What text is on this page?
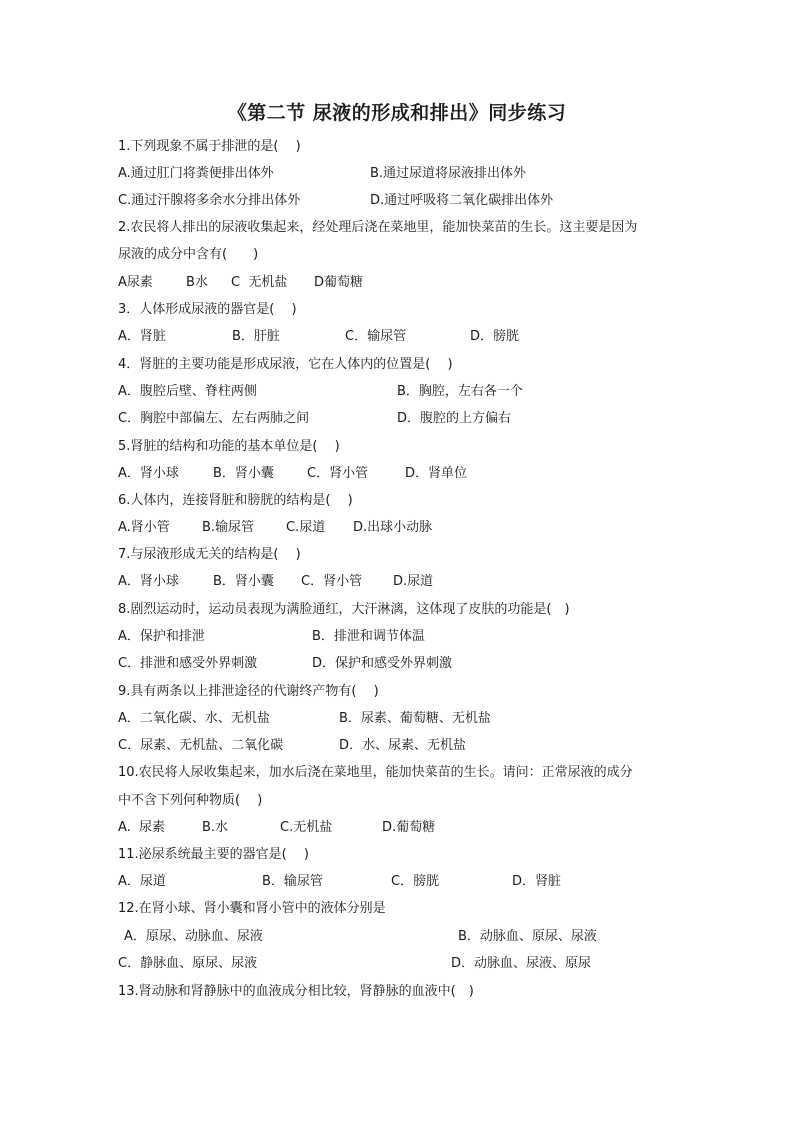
《第二节 尿液的形成和排出》同步练习
1.下列现象不属于排泄的是(　 )
A.通过肛门将粪便排出体外	B.通过尿道将尿液排出体外
C.通过汗腺将多余水分排出体外	D.通过呼吸将二氧化碳排出体外
2.农民将人排出的尿液收集起来，经处理后浇在菜地里，能加快菜苗的生长。这主要是因为
尿液的成分中含有(　　)
A尿素	B水 C  无机盐 D葡萄糖
3．人体形成尿液的器官是(　 )
A．肾脏	B．肝脏	C．输尿管	D．膀胱
4．肾脏的主要功能是形成尿液，它在人体内的位置是(　 )
A．腹腔后壁、脊柱两侧	B．胸腔，左右各一个
C．胸腔中部偏左、左右两肺之间	D．腹腔的上方偏右
5.肾脏的结构和功能的基本单位是(　 )
A．肾小球	B．肾小囊	C．肾小管	D．肾单位
6.人体内，连接肾脏和膀胱的结构是(　 )
A.肾小管 B.输尿管 C.尿道 D.出球小动脉
7.与尿液形成无关的结构是(　 )
A．肾小球	B．肾小囊 C．肾小管 D.尿道
8.剧烈运动时，运动员表现为满脸通红，大汗淋漓，这体现了皮肤的功能是(　)
A．保护和排泄	B．排泄和调节体温
C．排泄和感受外界刺激	D．保护和感受外界刺激
9.具有两条以上排泄途径的代谢终产物有(　 )
A．二氧化碳、水、无机盐	B．尿素、葡萄糖、无机盐
C．尿素、无机盐、二氧化碳	D．水、尿素、无机盐
10.农民将人尿收集起来，加水后浇在菜地里，能加快菜苗的生长。请问：正常尿液的成分
中不含下列何种物质(　 )
A.  尿素	B.水	C.无机盐	D.葡萄糖
11.泌尿系统最主要的器官是(　 )
A．尿道	B．输尿管	C．膀胱	D．肾脏
12.在肾小球、肾小囊和肾小管中的液体分别是
A．原尿、动脉血、尿液	B．动脉血、原尿、尿液
C．静脉血、原尿、尿液	D．动脉血、尿液、原尿
13.肾动脉和肾静脉中的血液成分相比较，肾静脉的血液中(　)
